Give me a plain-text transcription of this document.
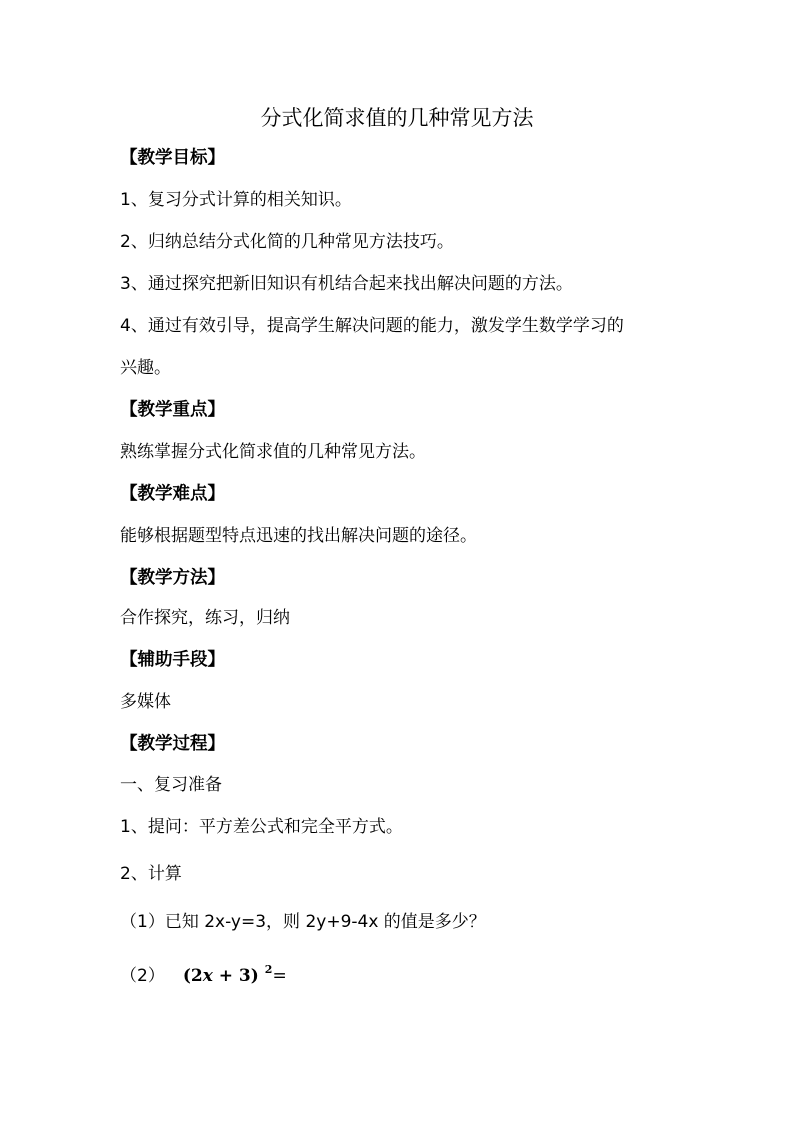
分式化简求值的几种常见方法
【教学目标】
1、复习分式计算的相关知识。
2、归纳总结分式化简的几种常见方法技巧。
3、通过探究把新旧知识有机结合起来找出解决问题的方法。
4、通过有效引导，提高学生解决问题的能力，激发学生数学学习的
兴趣。
【教学重点】
熟练掌握分式化简求值的几种常见方法。
【教学难点】
能够根据题型特点迅速的找出解决问题的途径。
【教学方法】
合作探究，练习，归纳
【辅助手段】
多媒体
【教学过程】
一、复习准备
1、提问：平方差公式和完全平方式。
2、计算
（1）已知 2x-y=3，则 2y+9-4x 的值是多少？
（2） (2x + 3) $^2$=
